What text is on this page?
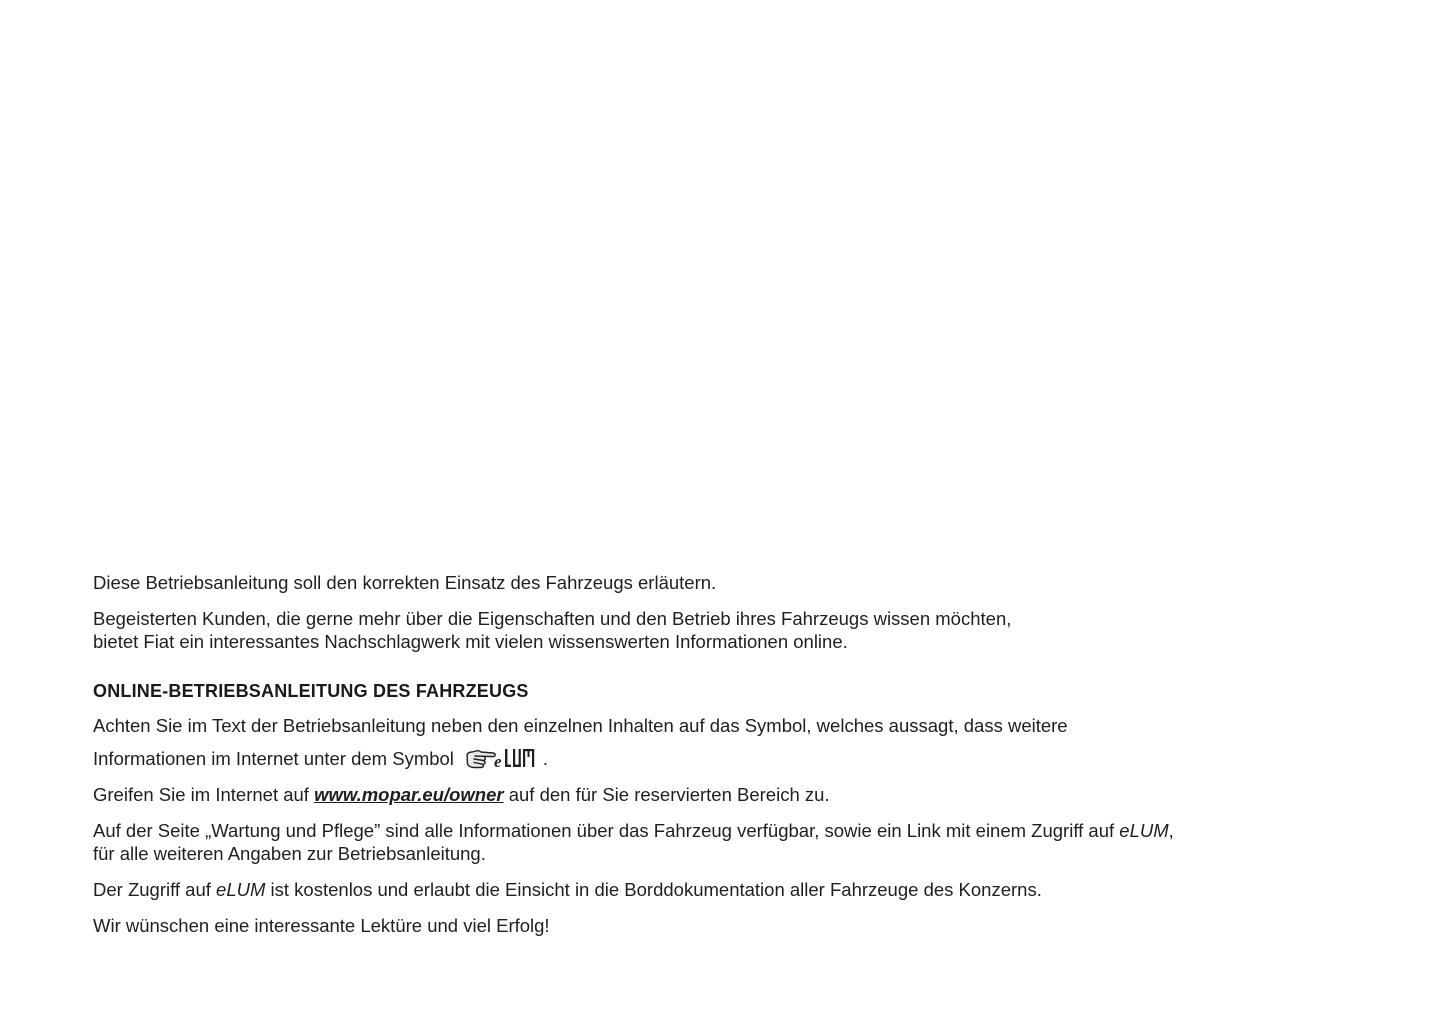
Diese Betriebsanleitung soll den korrekten Einsatz des Fahrzeugs erläutern.

Begeisterten Kunden, die gerne mehr über die Eigenschaften und den Betrieb ihres Fahrzeugs wissen möchten,
bietet Fiat ein interessantes Nachschlagwerk mit vielen wissenswerten Informationen online.

ONLINE-BETRIEBSANLEITUNG DES FAHRZEUGS

Achten Sie im Text der Betriebsanleitung neben den einzelnen Inhalten auf das Symbol, welches aussagt, dass weitere
Informationen im Internet unter dem Symbol e .

Greifen Sie im Internet auf www.mopar.eu/owner auf den für Sie reservierten Bereich zu.

Auf der Seite „Wartung und Pflege” sind alle Informationen über das Fahrzeug verfügbar, sowie ein Link mit einem Zugriff auf eLUM,
für alle weiteren Angaben zur Betriebsanleitung.

Der Zugriff auf eLUM ist kostenlos und erlaubt die Einsicht in die Borddokumentation aller Fahrzeuge des Konzerns.

Wir wünschen eine interessante Lektüre und viel Erfolg!
